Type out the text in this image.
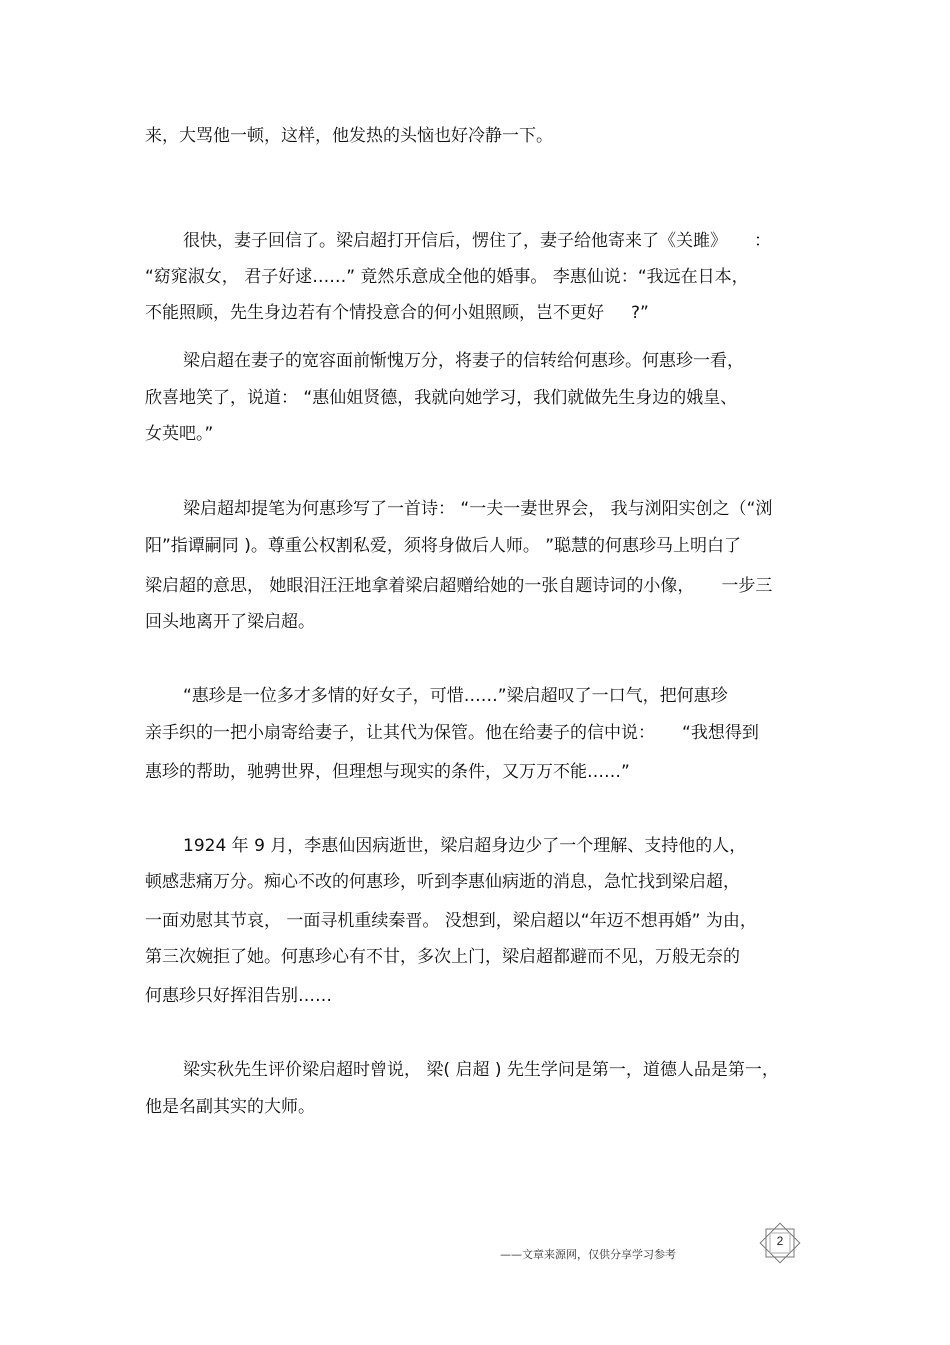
来，大骂他一顿，这样，他发热的头恼也好冷静一下。

很快，妻子回信了。梁启超打开信后，愣住了，妻子给他寄来了《关雎》     ：

“窈窕淑女， 君子好逑……” 竟然乐意成全他的婚事。 李惠仙说：“我远在日本，

不能照顾，先生身边若有个情投意合的何小姐照顾，岂不更好     ?”

梁启超在妻子的宽容面前惭愧万分，将妻子的信转给何惠珍。何惠珍一看，

欣喜地笑了，说道： “惠仙姐贤德，我就向她学习，我们就做先生身边的娥皇、

女英吧。”

梁启超却提笔为何惠珍写了一首诗： “一夫一妻世界会， 我与浏阳实创之（“浏

阳”指谭嗣同 )。尊重公权割私爱，须将身做后人师。 ”聪慧的何惠珍马上明白了

梁启超的意思， 她眼泪汪汪地拿着梁启超赠给她的一张自题诗词的小像，     一步三

回头地离开了梁启超。

“惠珍是一位多才多情的好女子，可惜……”梁启超叹了一口气，把何惠珍

亲手织的一把小扇寄给妻子，让其代为保管。他在给妻子的信中说：     “我想得到

惠珍的帮助，驰骋世界，但理想与现实的条件，又万万不能……”

1924 年 9 月，李惠仙因病逝世，梁启超身边少了一个理解、支持他的人，

顿感悲痛万分。痴心不改的何惠珍，听到李惠仙病逝的消息，急忙找到梁启超，

一面劝慰其节哀， 一面寻机重续秦晋。 没想到，梁启超以“年迈不想再婚” 为由，

第三次婉拒了她。何惠珍心有不甘，多次上门，梁启超都避而不见，万般无奈的

何惠珍只好挥泪告别……

梁实秋先生评价梁启超时曾说， 梁( 启超 ) 先生学问是第一，道德人品是第一，

他是名副其实的大师。

——文章来源网，仅供分享学习参考
2
